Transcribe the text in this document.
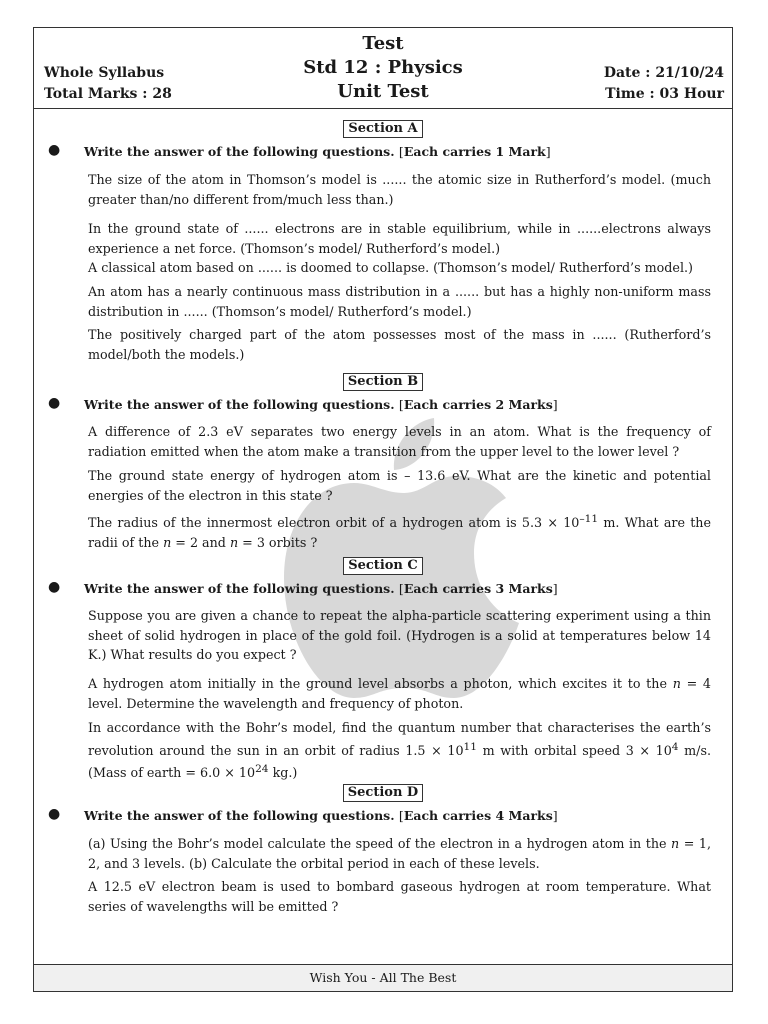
Test
Std 12 : Physics
Unit Test
Whole Syllabus
Total Marks : 28
Date : 21/10/24
Time : 03 Hour
Section A
● Write the answer of the following questions. [Each carries 1 Mark]
The size of the atom in Thomson’s model is ...... the atomic size in Rutherford’s model. (much greater than/no different from/much less than.)
In the ground state of ...... electrons are in stable equilibrium, while in ......electrons always experience a net force. (Thomson’s model/ Rutherford’s model.)
A classical atom based on ...... is doomed to collapse. (Thomson’s model/ Rutherford’s model.)
An atom has a nearly continuous mass distribution in a ...... but has a highly non-uniform mass distribution in ...... (Thomson’s model/ Rutherford’s model.)
The positively charged part of the atom possesses most of the mass in ...... (Rutherford’s model/both the models.)
Section B
● Write the answer of the following questions. [Each carries 2 Marks]
A difference of 2.3 eV separates two energy levels in an atom. What is the frequency of radiation emitted when the atom make a transition from the upper level to the lower level ?
The ground state energy of hydrogen atom is – 13.6 eV. What are the kinetic and potential energies of the electron in this state ?
The radius of the innermost electron orbit of a hydrogen atom is $5.3 \times 10^{-11}$ m. What are the radii of the n = 2 and n = 3 orbits ?
Section C
● Write the answer of the following questions. [Each carries 3 Marks]
Suppose you are given a chance to repeat the alpha-particle scattering experiment using a thin sheet of solid hydrogen in place of the gold foil. (Hydrogen is a solid at temperatures below 14 K.) What results do you expect ?
A hydrogen atom initially in the ground level absorbs a photon, which excites it to the n = 4 level. Determine the wavelength and frequency of photon.
In accordance with the Bohr’s model, find the quantum number that characterises the earth’s revolution around the sun in an orbit of radius $1.5 \times 10^{11}$ m with orbital speed $3 \times 10^4$ m/s. (Mass of earth = $6.0 \times 10^{24}$ kg.)
Section D
● Write the answer of the following questions. [Each carries 4 Marks]
(a) Using the Bohr’s model calculate the speed of the electron in a hydrogen atom in the n = 1, 2, and 3 levels. (b) Calculate the orbital period in each of these levels.
A 12.5 eV electron beam is used to bombard gaseous hydrogen at room temperature. What series of wavelengths will be emitted ?
Wish You - All The Best
